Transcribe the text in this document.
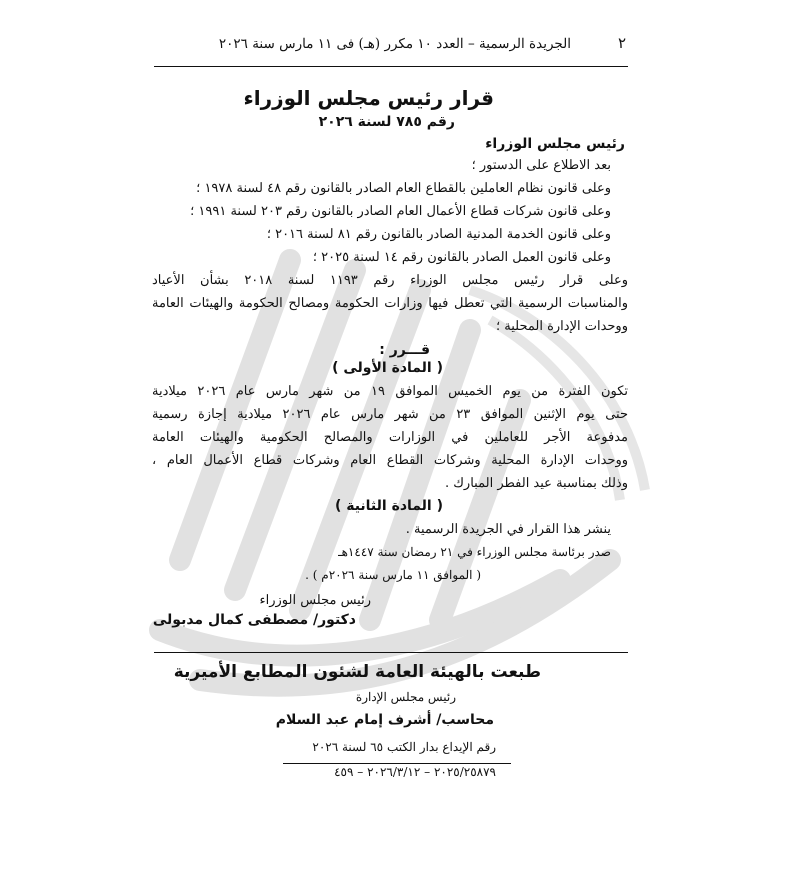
٢
الجريدة الرسمية – العدد ١٠ مكرر (هـ) فى ١١ مارس سنة ٢٠٢٦
قرار رئيس مجلس الوزراء
رقم ٧٨٥ لسنة ٢٠٢٦
رئيس مجلس الوزراء
بعد الاطلاع على الدستور ؛
وعلى قانون نظام العاملين بالقطاع العام الصادر بالقانون رقم ٤٨ لسنة ١٩٧٨ ؛
وعلى قانون شركات قطاع الأعمال العام الصادر بالقانون رقم ٢٠٣ لسنة ١٩٩١ ؛
وعلى قانون الخدمة المدنية الصادر بالقانون رقم ٨١ لسنة ٢٠١٦ ؛
وعلى قانون العمل الصادر بالقانون رقم ١٤ لسنة ٢٠٢٥ ؛
وعلى قرار رئيس مجلس الوزراء رقم ١١٩٣ لسنة ٢٠١٨ بشأن الأعياد
والمناسبات الرسمية التي تعطل فيها وزارات الحكومة ومصالح الحكومة والهيئات العامة
ووحدات الإدارة المحلية ؛
قـــرر :
( المادة الأولى )
تكون الفترة من يوم الخميس الموافق ١٩ من شهر مارس عام ٢٠٢٦ ميلادية
حتى يوم الإثنين الموافق ٢٣ من شهر مارس عام ٢٠٢٦ ميلادية إجازة رسمية
مدفوعة الأجر للعاملين في الوزارات والمصالح الحكومية والهيئات العامة
ووحدات الإدارة المحلية وشركات القطاع العام وشركات قطاع الأعمال العام ،
وذلك بمناسبة عيد الفطر المبارك .
( المادة الثانية )
ينشر هذا القرار في الجريدة الرسمية .
صدر برئاسة مجلس الوزراء في ٢١ رمضان سنة ١٤٤٧هـ
( الموافق ١١ مارس سنة ٢٠٢٦م ) .
رئيس مجلس الوزراء
دكتور/ مصطفى كمال مدبولى
طبعت بالهيئة العامة لشئون المطابع الأميرية
رئيس مجلس الإدارة
محاسب/ أشرف إمام عبد السلام
رقم الإيداع بدار الكتب ٦٥ لسنة ٢٠٢٦
٢٠٢٥/٢٥٨٧٩ – ٢٠٢٦/٣/١٢ – ٤٥٩
